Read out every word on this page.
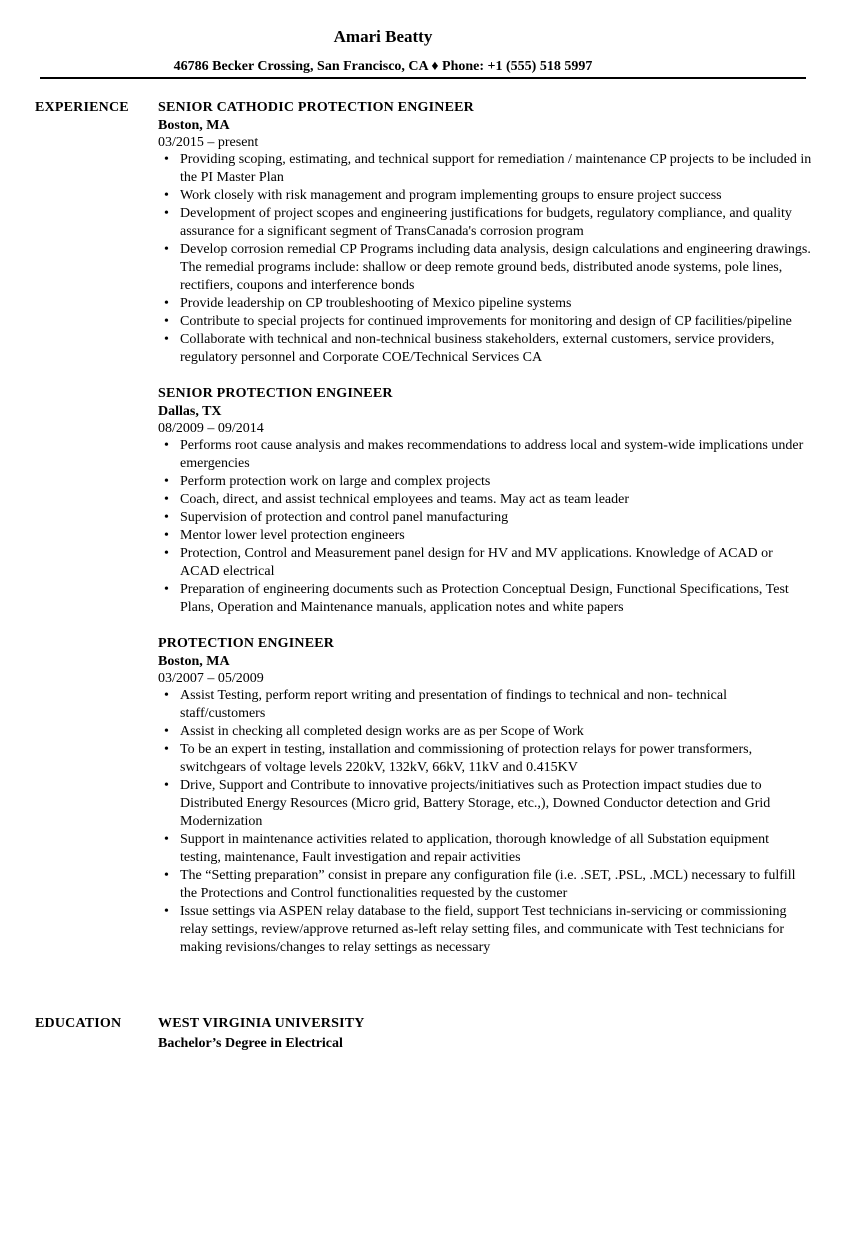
Amari Beatty
46786 Becker Crossing, San Francisco, CA ♦ Phone: +1 (555) 518 5997
EXPERIENCE SENIOR CATHODIC PROTECTION ENGINEER
Boston, MA
03/2015 – present
• Providing scoping, estimating, and technical support for remediation / maintenance CP projects to be included in the PI Master Plan
• Work closely with risk management and program implementing groups to ensure project success
• Development of project scopes and engineering justifications for budgets, regulatory compliance, and quality assurance for a significant segment of TransCanada's corrosion program
• Develop corrosion remedial CP Programs including data analysis, design calculations and engineering drawings. The remedial programs include: shallow or deep remote ground beds, distributed anode systems, pole lines, rectifiers, coupons and interference bonds
• Provide leadership on CP troubleshooting of Mexico pipeline systems
• Contribute to special projects for continued improvements for monitoring and design of CP facilities/pipeline
• Collaborate with technical and non-technical business stakeholders, external customers, service providers, regulatory personnel and Corporate COE/Technical Services CA
SENIOR PROTECTION ENGINEER
Dallas, TX
08/2009 – 09/2014
• Performs root cause analysis and makes recommendations to address local and system-wide implications under emergencies
• Perform protection work on large and complex projects
• Coach, direct, and assist technical employees and teams. May act as team leader
• Supervision of protection and control panel manufacturing
• Mentor lower level protection engineers
• Protection, Control and Measurement panel design for HV and MV applications. Knowledge of ACAD or ACAD electrical
• Preparation of engineering documents such as Protection Conceptual Design, Functional Specifications, Test Plans, Operation and Maintenance manuals, application notes and white papers
PROTECTION ENGINEER
Boston, MA
03/2007 – 05/2009
• Assist Testing, perform report writing and presentation of findings to technical and non- technical staff/customers
• Assist in checking all completed design works are as per Scope of Work
• To be an expert in testing, installation and commissioning of protection relays for power transformers, switchgears of voltage levels 220kV, 132kV, 66kV, 11kV and 0.415KV
• Drive, Support and Contribute to innovative projects/initiatives such as Protection impact studies due to Distributed Energy Resources (Micro grid, Battery Storage, etc.,), Downed Conductor detection and Grid Modernization
• Support in maintenance activities related to application, thorough knowledge of all Substation equipment testing, maintenance, Fault investigation and repair activities
• The “Setting preparation” consist in prepare any configuration file (i.e. .SET, .PSL, .MCL) necessary to fulfill the Protections and Control functionalities requested by the customer
• Issue settings via ASPEN relay database to the field, support Test technicians in-servicing or commissioning relay settings, review/approve returned as-left relay setting files, and communicate with Test technicians for making revisions/changes to relay settings as necessary
EDUCATION	WEST VIRGINIA UNIVERSITY
Bachelor’s Degree in Electrical
